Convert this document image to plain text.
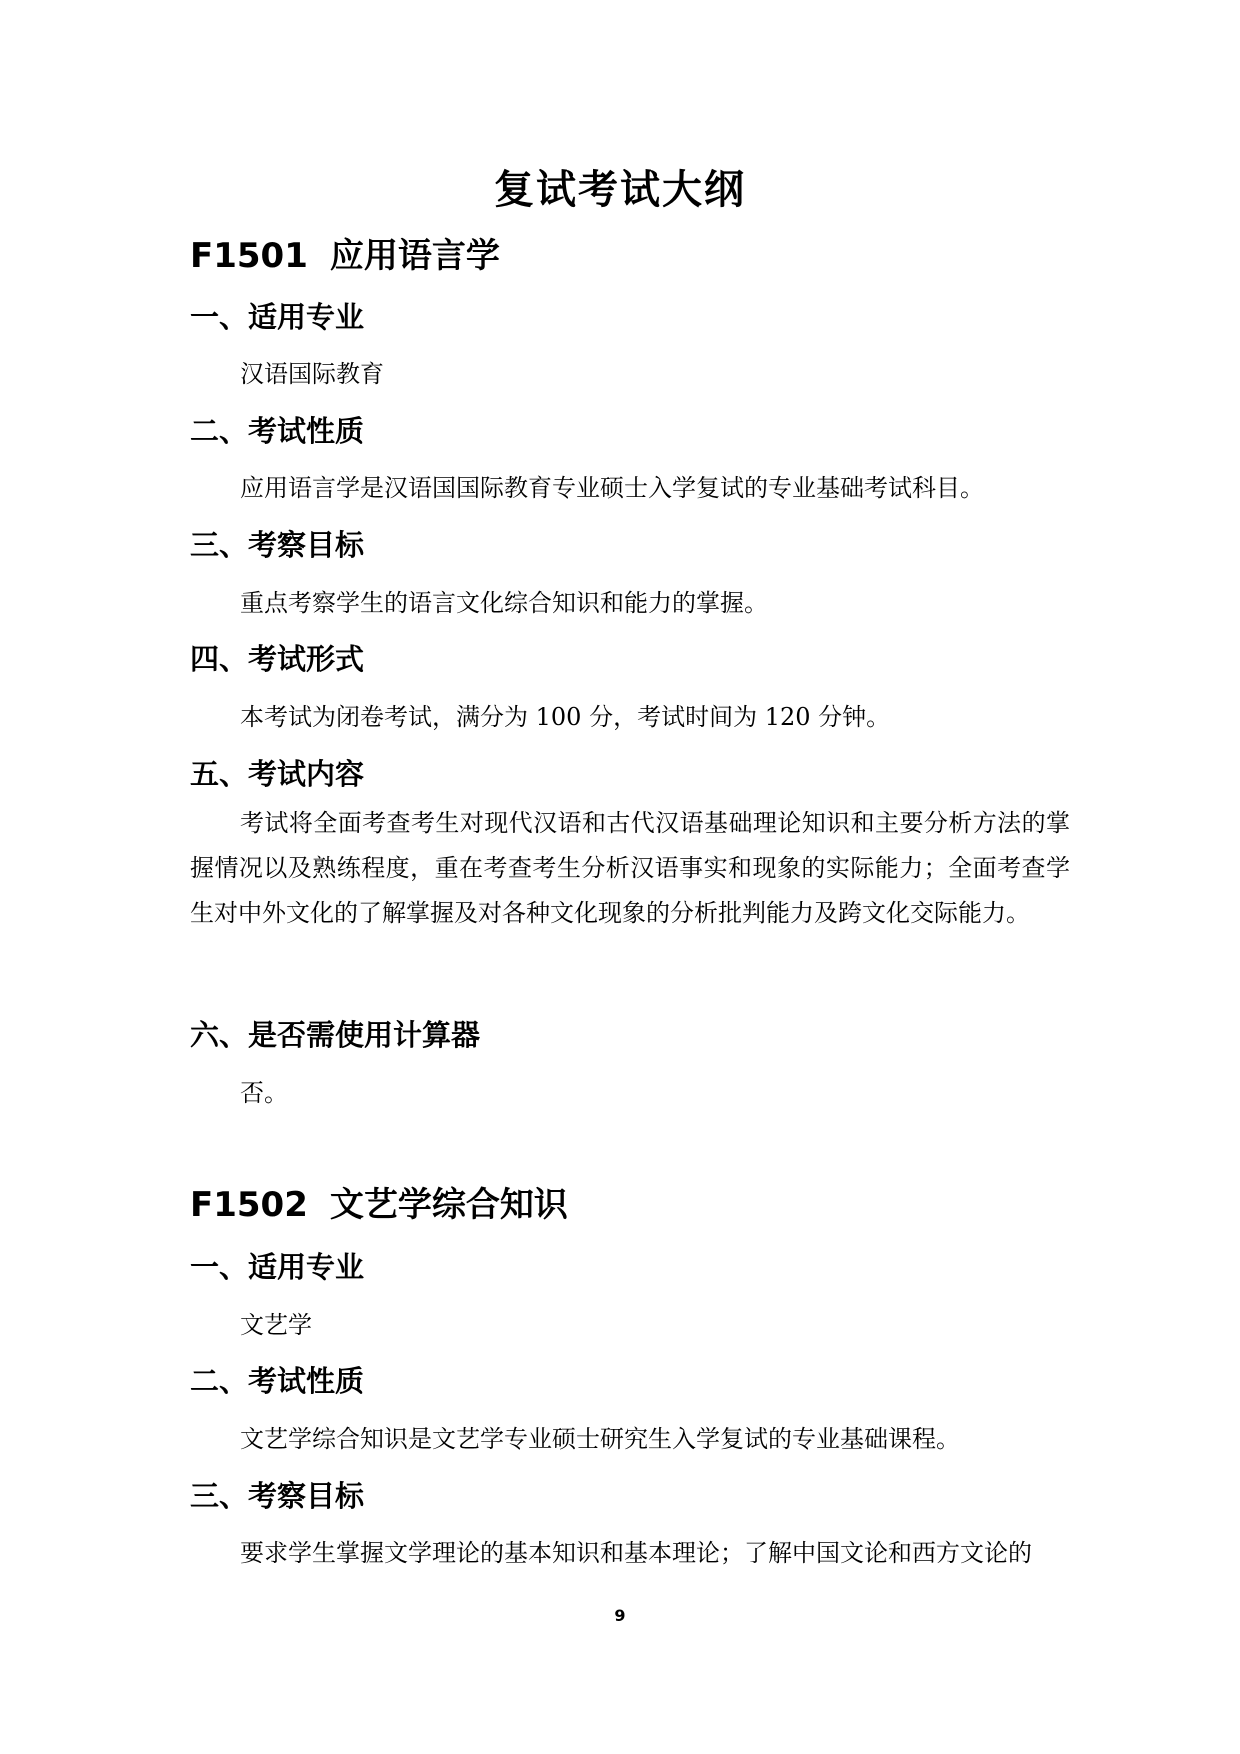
复试考试大纲
F1501 应用语言学
一、适用专业

汉语国际教育

二、考试性质

应用语言学是汉语国国际教育专业硕士入学复试的专业基础考试科目。

三、考察目标

重点考察学生的语言文化综合知识和能力的掌握。

四、考试形式

本考试为闭卷考试，满分为 100 分，考试时间为 120 分钟。

五、考试内容

考试将全面考查考生对现代汉语和古代汉语基础理论知识和主要分析方法的掌握情况以及熟练程度，重在考查考生分析汉语事实和现象的实际能力；全面考查学生对中外文化的了解掌握及对各种文化现象的分析批判能力及跨文化交际能力。

六、是否需使用计算器

否。

F1502 文艺学综合知识
一、适用专业

文艺学

二、考试性质

文艺学综合知识是文艺学专业硕士研究生入学复试的专业基础课程。

三、考察目标

要求学生掌握文学理论的基本知识和基本理论；了解中国文论和西方文论的

9
